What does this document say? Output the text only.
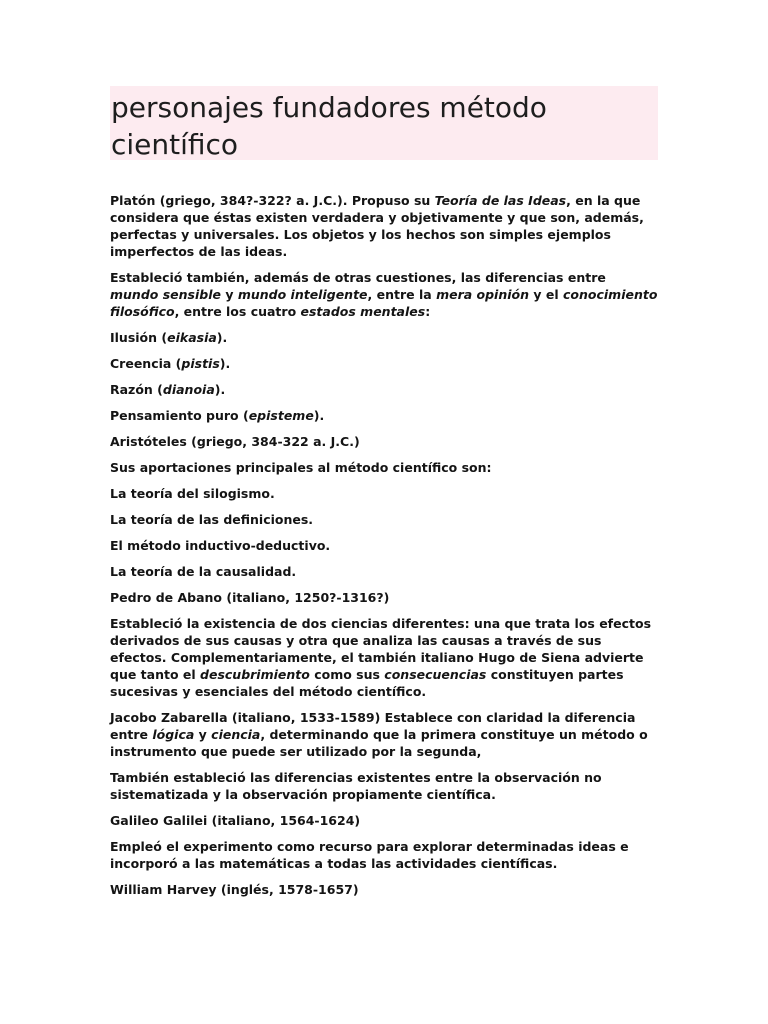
personajes fundadores método científico

Platón (griego, 384?-322? a. J.C.). Propuso su Teoría de las Ideas, en la que considera que éstas existen verdadera y objetivamente y que son, además, perfectas y universales. Los objetos y los hechos son simples ejemplos imperfectos de las ideas.

Estableció también, además de otras cuestiones, las diferencias entre mundo sensible y mundo inteligente, entre la mera opinión y el conocimiento filosófico, entre los cuatro estados mentales:

Ilusión (eikasia).

Creencia (pistis).

Razón (dianoia).

Pensamiento puro (episteme).

Aristóteles (griego, 384-322 a. J.C.)

Sus aportaciones principales al método científico son:

La teoría del silogismo.

La teoría de las definiciones.

El método inductivo-deductivo.

La teoría de la causalidad.

Pedro de Abano (italiano, 1250?-1316?)

Estableció la existencia de dos ciencias diferentes: una que trata los efectos derivados de sus causas y otra que analiza las causas a través de sus efectos. Complementariamente, el también italiano Hugo de Siena advierte que tanto el descubrimiento como sus consecuencias constituyen partes sucesivas y esenciales del método científico.

Jacobo Zabarella (italiano, 1533-1589) Establece con claridad la diferencia entre lógica y ciencia, determinando que la primera constituye un método o instrumento que puede ser utilizado por la segunda,

También estableció las diferencias existentes entre la observación no sistematizada y la observación propiamente científica.

Galileo Galilei (italiano, 1564-1624)

Empleó el experimento como recurso para explorar determinadas ideas e incorporó a las matemáticas a todas las actividades científicas.

William Harvey (inglés, 1578-1657)
